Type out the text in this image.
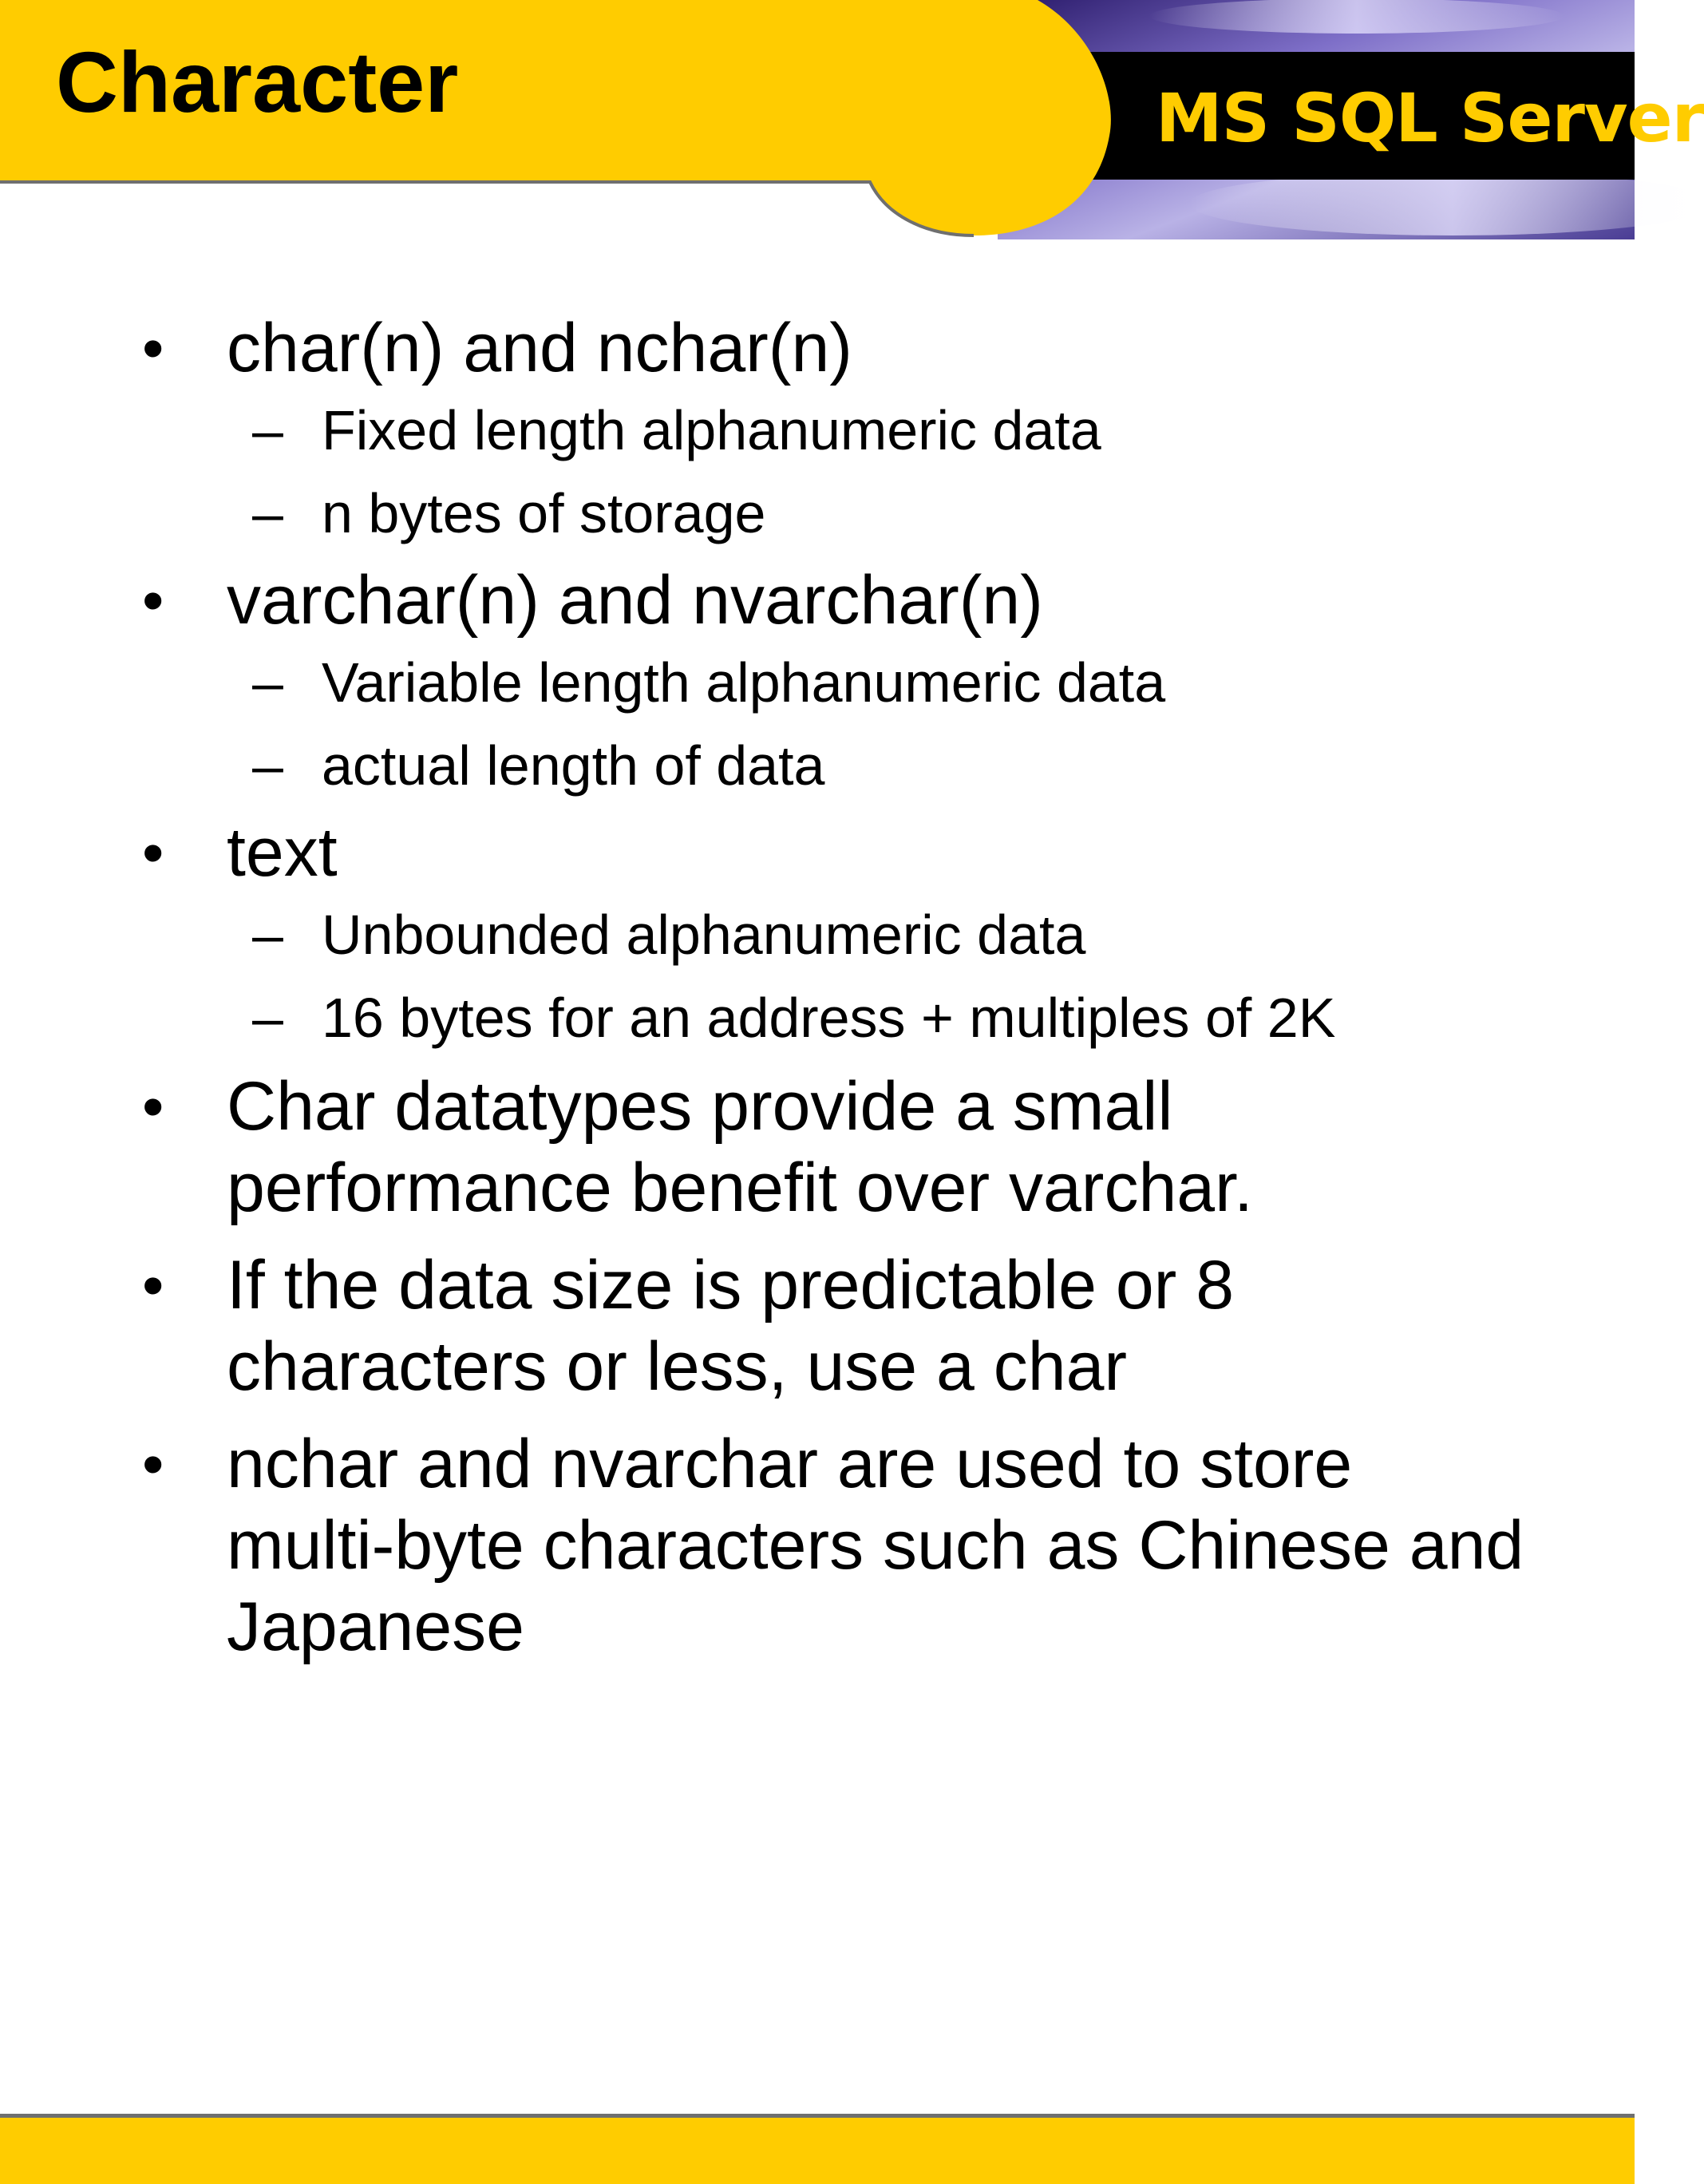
Character	MS SQL Server
• char(n) and nchar(n)
– Fixed length alphanumeric data
– n bytes of storage
• varchar(n) and nvarchar(n)
– Variable length alphanumeric data
– actual length of data
• text
– Unbounded alphanumeric data
– 16 bytes for an address + multiples of 2K
• Char datatypes provide a small performance benefit over varchar.
• If the data size is predictable or 8 characters or less, use a char
• nchar and nvarchar are used to store multi-byte characters such as Chinese and Japanese
